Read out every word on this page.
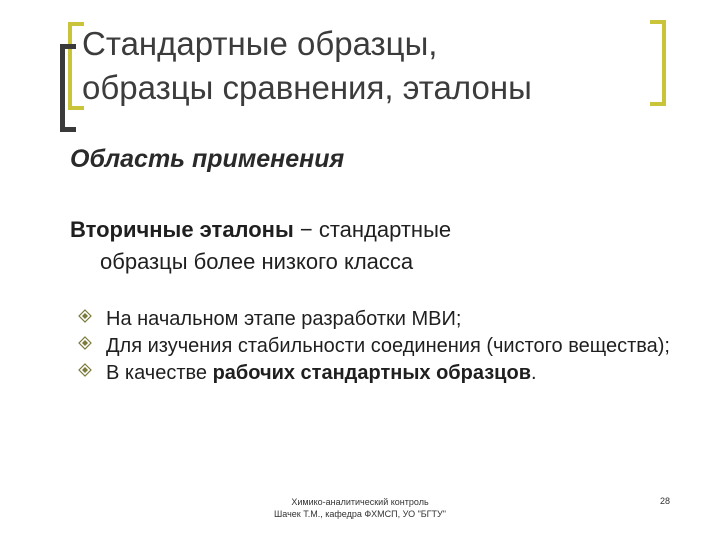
Стандартные образцы,
образцы сравнения, эталоны
Область применения
Вторичные эталоны − стандартные
образцы более низкого класса
На начальном этапе разработки МВИ;
Для изучения стабильности соединения (чистого вещества);
В качестве рабочих стандартных образцов.
Химико-аналитический контроль
Шачек Т.М., кафедра ФХМСП, УО "БГТУ"
28
